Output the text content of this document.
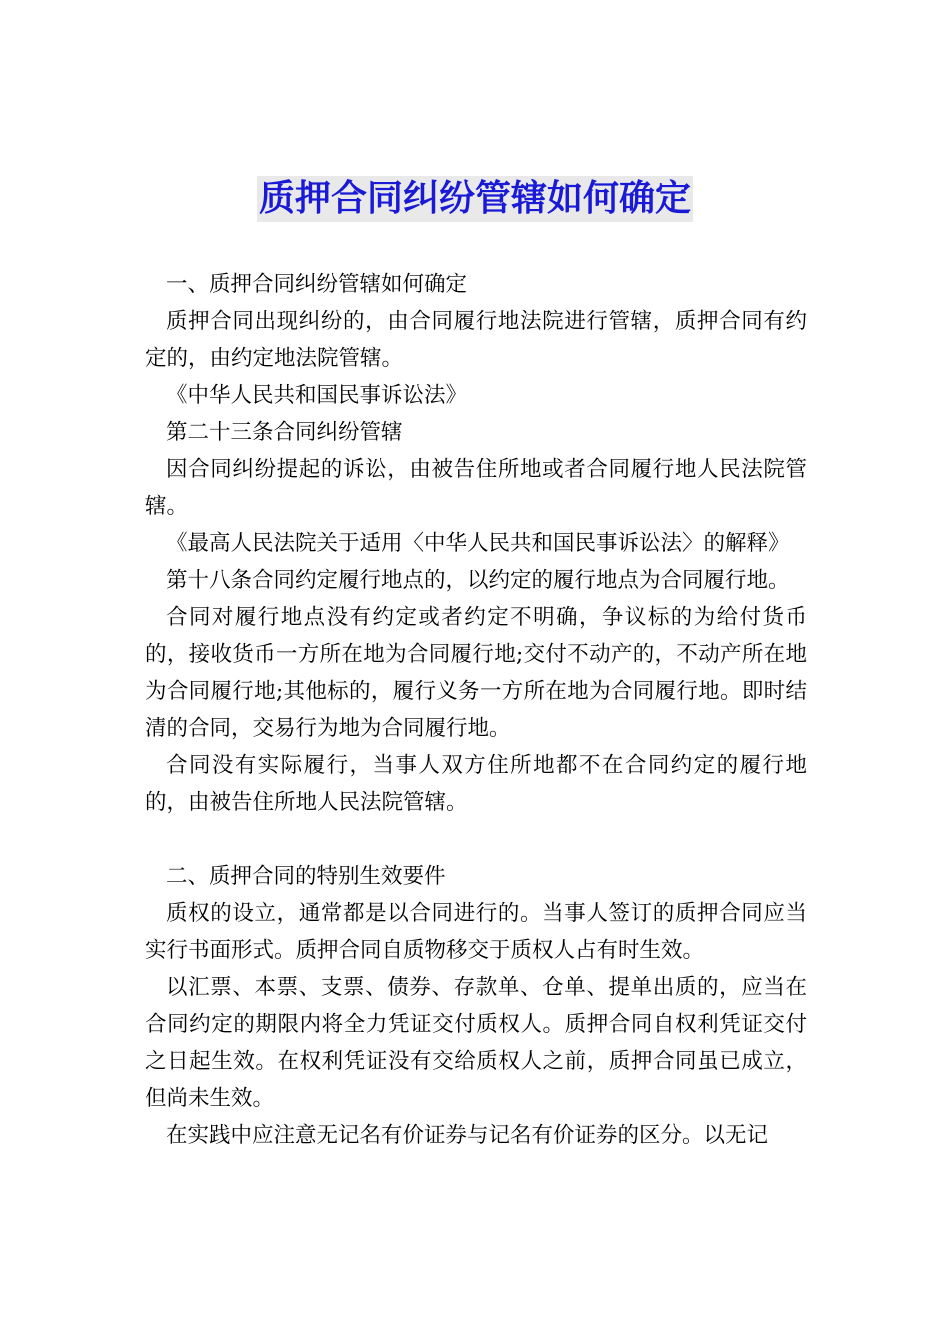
质押合同纠纷管辖如何确定

一、质押合同纠纷管辖如何确定

质押合同出现纠纷的，由合同履行地法院进行管辖，质押合同有约定的，由约定地法院管辖。

《中华人民共和国民事诉讼法》

第二十三条合同纠纷管辖

因合同纠纷提起的诉讼，由被告住所地或者合同履行地人民法院管辖。

《最高人民法院关于适用〈中华人民共和国民事诉讼法〉的解释》

第十八条合同约定履行地点的，以约定的履行地点为合同履行地。

合同对履行地点没有约定或者约定不明确，争议标的为给付货币的，接收货币一方所在地为合同履行地;交付不动产的，不动产所在地为合同履行地;其他标的，履行义务一方所在地为合同履行地。即时结清的合同，交易行为地为合同履行地。

合同没有实际履行，当事人双方住所地都不在合同约定的履行地的，由被告住所地人民法院管辖。

二、质押合同的特别生效要件

质权的设立，通常都是以合同进行的。当事人签订的质押合同应当实行书面形式。质押合同自质物移交于质权人占有时生效。

以汇票、本票、支票、债券、存款单、仓单、提单出质的，应当在合同约定的期限内将全力凭证交付质权人。质押合同自权利凭证交付之日起生效。在权利凭证没有交给质权人之前，质押合同虽已成立，但尚未生效。

在实践中应注意无记名有价证券与记名有价证券的区分。以无记
